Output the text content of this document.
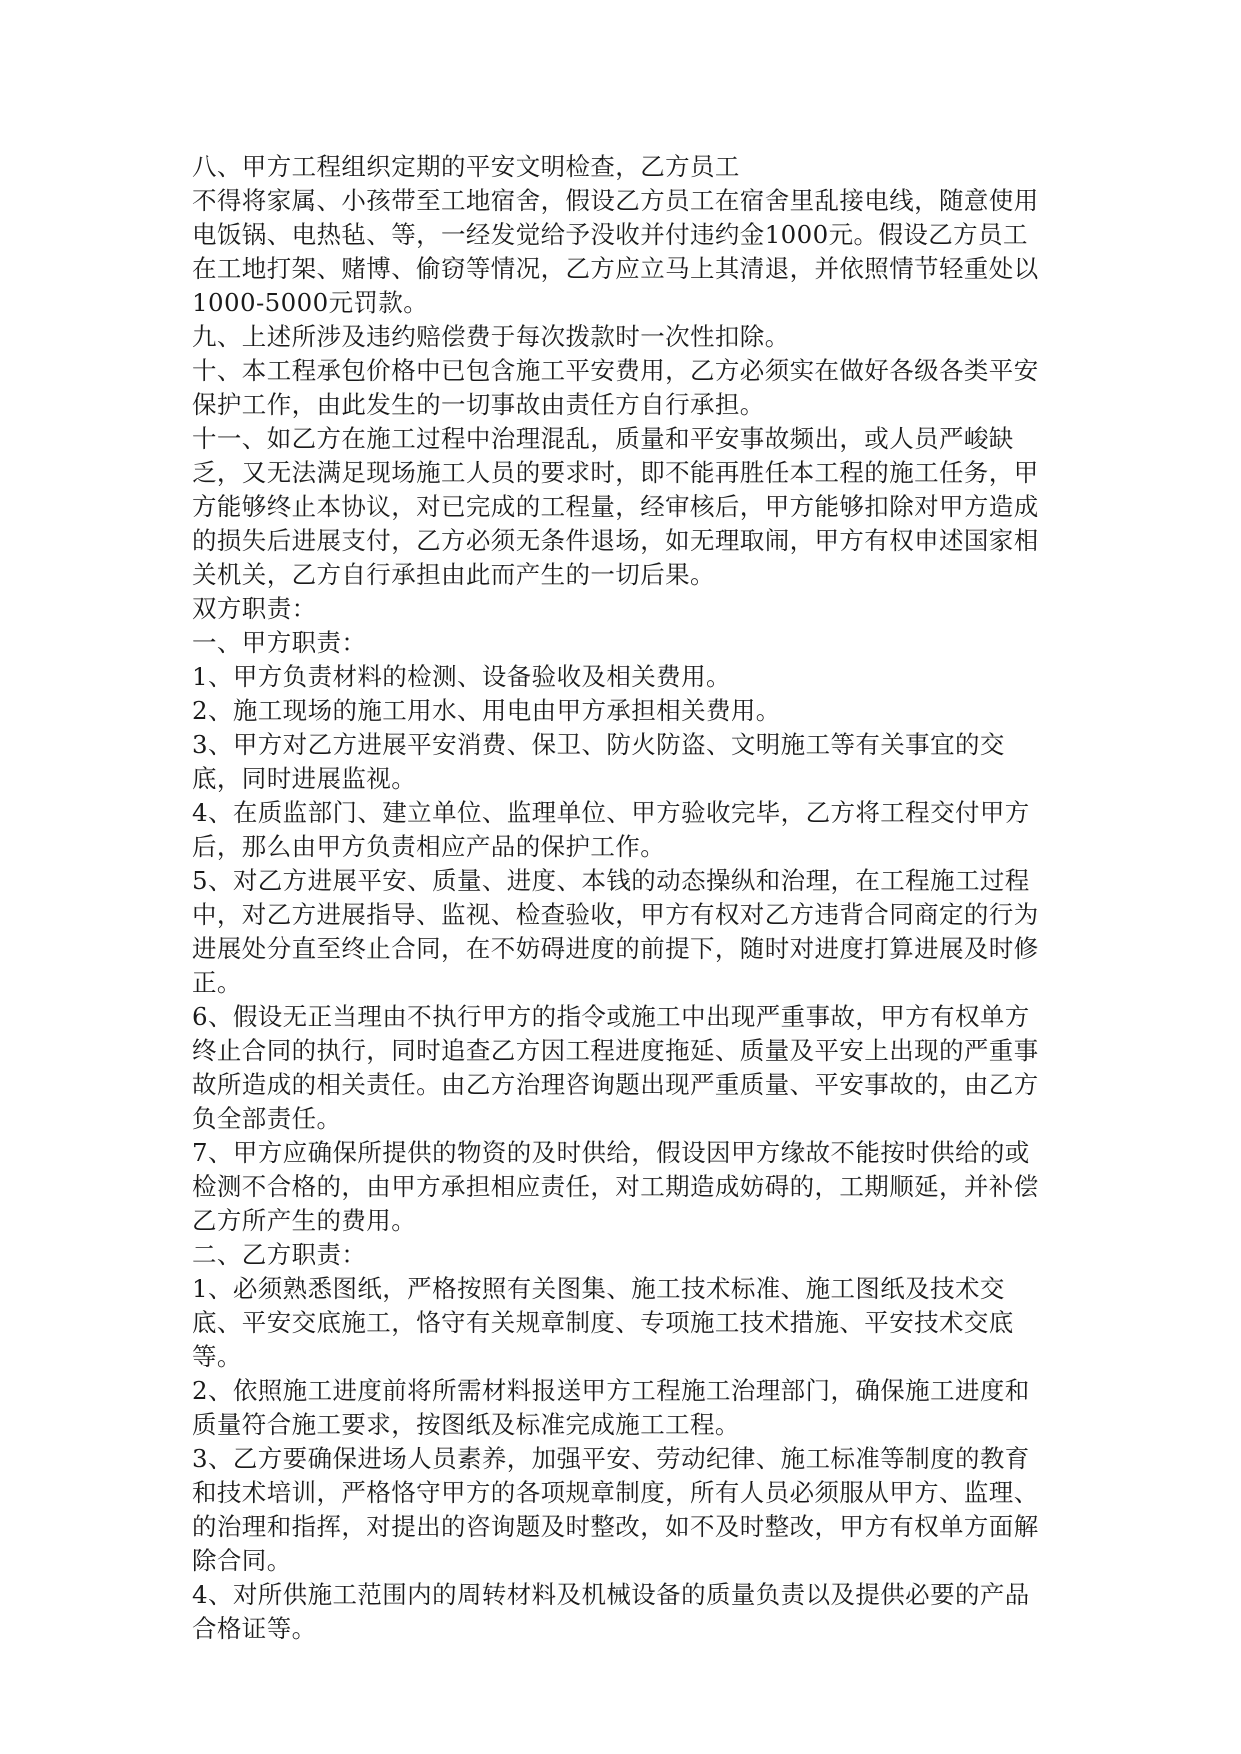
八、甲方工程组织定期的平安文明检查，乙方员工

不得将家属、小孩带至工地宿舍，假设乙方员工在宿舍里乱接电线，随意使用电饭锅、电热毡、等，一经发觉给予没收并付违约金1000元。假设乙方员工在工地打架、赌博、偷窃等情况，乙方应立马上其清退，并依照情节轻重处以1000-5000元罚款。

九、上述所涉及违约赔偿费于每次拨款时一次性扣除。

十、本工程承包价格中已包含施工平安费用，乙方必须实在做好各级各类平安保护工作，由此发生的一切事故由责任方自行承担。

十一、如乙方在施工过程中治理混乱，质量和平安事故频出，或人员严峻缺乏，又无法满足现场施工人员的要求时，即不能再胜任本工程的施工任务，甲方能够终止本协议，对已完成的工程量，经审核后，甲方能够扣除对甲方造成的损失后进展支付，乙方必须无条件退场，如无理取闹，甲方有权申述国家相关机关，乙方自行承担由此而产生的一切后果。

双方职责：

一、甲方职责：

1、甲方负责材料的检测、设备验收及相关费用。

2、施工现场的施工用水、用电由甲方承担相关费用。

3、甲方对乙方进展平安消费、保卫、防火防盗、文明施工等有关事宜的交底，同时进展监视。

4、在质监部门、建立单位、监理单位、甲方验收完毕，乙方将工程交付甲方后，那么由甲方负责相应产品的保护工作。

5、对乙方进展平安、质量、进度、本钱的动态操纵和治理，在工程施工过程中，对乙方进展指导、监视、检查验收，甲方有权对乙方违背合同商定的行为进展处分直至终止合同，在不妨碍进度的前提下，随时对进度打算进展及时修正。

6、假设无正当理由不执行甲方的指令或施工中出现严重事故，甲方有权单方终止合同的执行，同时追查乙方因工程进度拖延、质量及平安上出现的严重事故所造成的相关责任。由乙方治理咨询题出现严重质量、平安事故的，由乙方负全部责任。

7、甲方应确保所提供的物资的及时供给，假设因甲方缘故不能按时供给的或检测不合格的，由甲方承担相应责任，对工期造成妨碍的，工期顺延，并补偿乙方所产生的费用。

二、乙方职责：

1、必须熟悉图纸，严格按照有关图集、施工技术标准、施工图纸及技术交底、平安交底施工，恪守有关规章制度、专项施工技术措施、平安技术交底等。

2、依照施工进度前将所需材料报送甲方工程施工治理部门，确保施工进度和质量符合施工要求，按图纸及标准完成施工工程。

3、乙方要确保进场人员素养，加强平安、劳动纪律、施工标准等制度的教育和技术培训，严格恪守甲方的各项规章制度，所有人员必须服从甲方、监理、的治理和指挥，对提出的咨询题及时整改，如不及时整改，甲方有权单方面解除合同。

4、对所供施工范围内的周转材料及机械设备的质量负责以及提供必要的产品合格证等。
